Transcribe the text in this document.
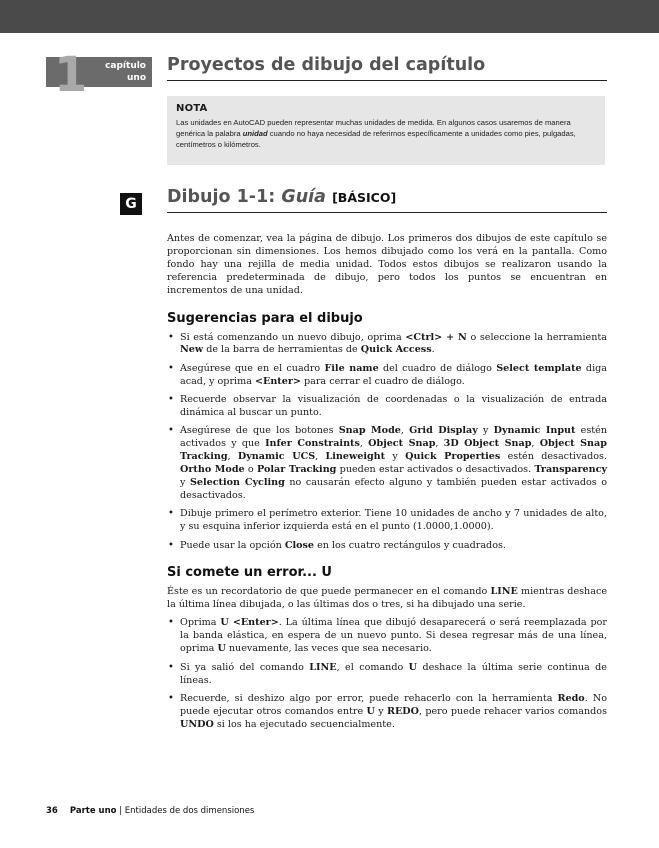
1 capítulo
uno
Proyectos de dibujo del capítulo
NOTA
Las unidades en AutoCAD pueden representar muchas unidades de medida. En algunos casos usaremos de manera genérica la palabra unidad cuando no haya necesidad de referirnos específicamente a unidades como pies, pulgadas, centímetros o kilómetros.
G	Dibujo 1-1: Guía [BÁSICO]

Antes de comenzar, vea la página de dibujo. Los primeros dos dibujos de este capítulo se proporcionan sin dimensiones. Los hemos dibujado como los verá en la pantalla. Como fondo hay una rejilla de media unidad. Todos estos dibujos se realizaron usando la referencia predeterminada de dibujo, pero todos los puntos se encuentran en incrementos de una unidad.

Sugerencias para el dibujo
• Si está comenzando un nuevo dibujo, oprima <Ctrl> + N o seleccione la herramienta New de la barra de herramientas de Quick Access.
• Asegúrese que en el cuadro File name del cuadro de diálogo Select template diga acad, y oprima <Enter> para cerrar el cuadro de diálogo.
• Recuerde observar la visualización de coordenadas o la visualización de entrada dinámica al buscar un punto.
• Asegúrese de que los botones Snap Mode, Grid Display y Dynamic Input estén activados y que Infer Constraints, Object Snap, 3D Object Snap, Object Snap Tracking, Dynamic UCS, Lineweight y Quick Properties estén desactivados. Ortho Mode o Polar Tracking pueden estar activados o desactivados. Transparency y Selection Cycling no causarán efecto alguno y también pueden estar activados o desactivados.
• Dibuje primero el perímetro exterior. Tiene 10 unidades de ancho y 7 unidades de alto, y su esquina inferior izquierda está en el punto (1.0000,1.0000).
• Puede usar la opción Close en los cuatro rectángulos y cuadrados.
Si comete un error... U

Éste es un recordatorio de que puede permanecer en el comando LINE mientras deshace la última línea dibujada, o las últimas dos o tres, si ha dibujado una serie.

• Oprima U <Enter>. La última línea que dibujó desaparecerá o será reemplazada por la banda elástica, en espera de un nuevo punto. Si desea regresar más de una línea, oprima U nuevamente, las veces que sea necesario.
• Si ya salió del comando LINE, el comando U deshace la última serie continua de líneas.
• Recuerde, si deshizo algo por error, puede rehacerlo con la herramienta Redo. No puede ejecutar otros comandos entre U y REDO, pero puede rehacer varios comandos UNDO si los ha ejecutado secuencialmente.
36 Parte uno | Entidades de dos dimensiones
